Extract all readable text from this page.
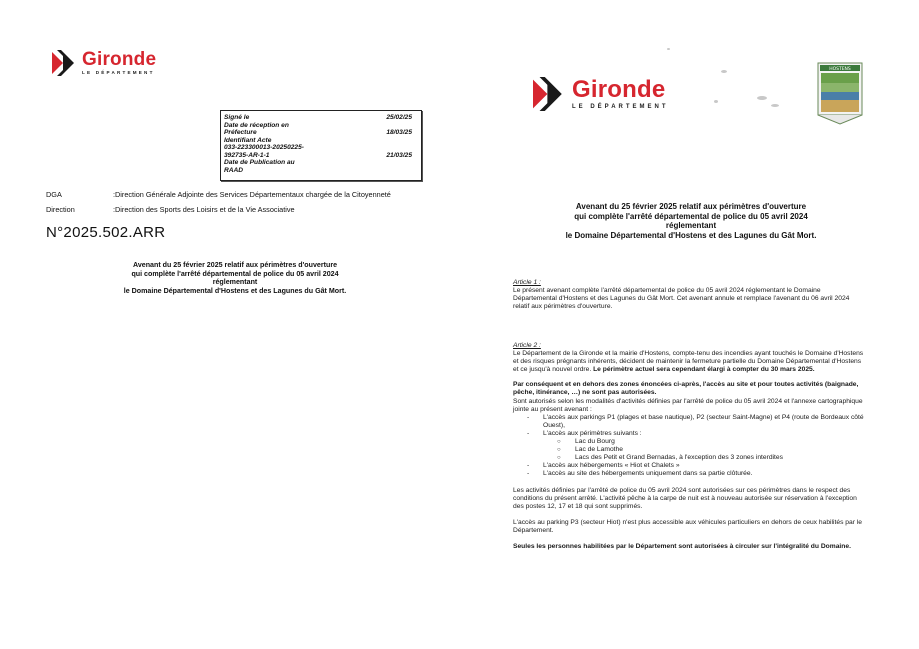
Gironde
LE DÉPARTEMENT
Signé le	25/02/25
Date de réception en
Préfecture	18/03/25
Identifiant Acte
033-223300013-20250225-
392735-AR-1-1	21/03/25
Date de Publication au
RAAD
DGA	:Direction Générale Adjointe des Services Départementaux chargée de la Citoyenneté
Direction	:Direction des Sports des Loisirs et de la Vie Associative
N°2025.502.ARR
Avenant du 25 février 2025 relatif aux périmètres d'ouverture
qui complète l'arrêté départemental de police du 05 avril 2024
réglementant
le Domaine Départemental d'Hostens et des Lagunes du Gât Mort.
Gironde
LE DÉPARTEMENT
HOSTENS
Avenant du 25 février 2025 relatif aux périmètres d'ouverture
qui complète l'arrêté départemental de police du 05 avril 2024
réglementant
le Domaine Départemental d'Hostens et des Lagunes du Gât Mort.

Article 1 :

Le présent avenant complète l'arrêté départemental de police du 05 avril 2024 réglementant le Domaine Départemental d'Hostens et des Lagunes du Gât Mort. Cet avenant annule et remplace l'avenant du 06 avril 2024 relatif aux périmètres d'ouverture.

Article 2 :

Le Département de la Gironde et la mairie d'Hostens, compte-tenu des incendies ayant touchés le Domaine d'Hostens et des risques prégnants inhérents, décident de maintenir la fermeture partielle du Domaine Départemental d'Hostens et ce jusqu'à nouvel ordre. Le périmètre actuel sera cependant élargi à compter du 30 mars 2025.

Par conséquent et en dehors des zones énoncées ci-après, l'accès au site et pour toutes activités (baignade, pêche, itinérance, …) ne sont pas autorisées.

Sont autorisés selon les modalités d'activités définies par l'arrêté de police du 05 avril 2024 et l'annexe cartographique jointe au présent avenant :

- L'accès aux parkings P1 (plages et base nautique), P2 (secteur Saint-Magne) et P4 (route de Bordeaux côté Ouest),
- L'accès aux périmètres suivants :
○ Lac du Bourg
○ Lac de Lamothe
○ Lacs des Petit et Grand Bernadas, à l'exception des 3 zones interdites
- L'accès aux hébergements « Hiot et Chalets »
- L'accès au site des hébergements uniquement dans sa partie clôturée.

Les activités définies par l'arrêté de police du 05 avril 2024 sont autorisées sur ces périmètres dans le respect des conditions du présent arrêté. L'activité pêche à la carpe de nuit est à nouveau autorisée sur réservation à l'exception des postes 12, 17 et 18 qui sont supprimés.

L'accès au parking P3 (secteur Hiot) n'est plus accessible aux véhicules particuliers en dehors de ceux habilités par le Département.

Seules les personnes habilitées par le Département sont autorisées à circuler sur l'intégralité du Domaine.
